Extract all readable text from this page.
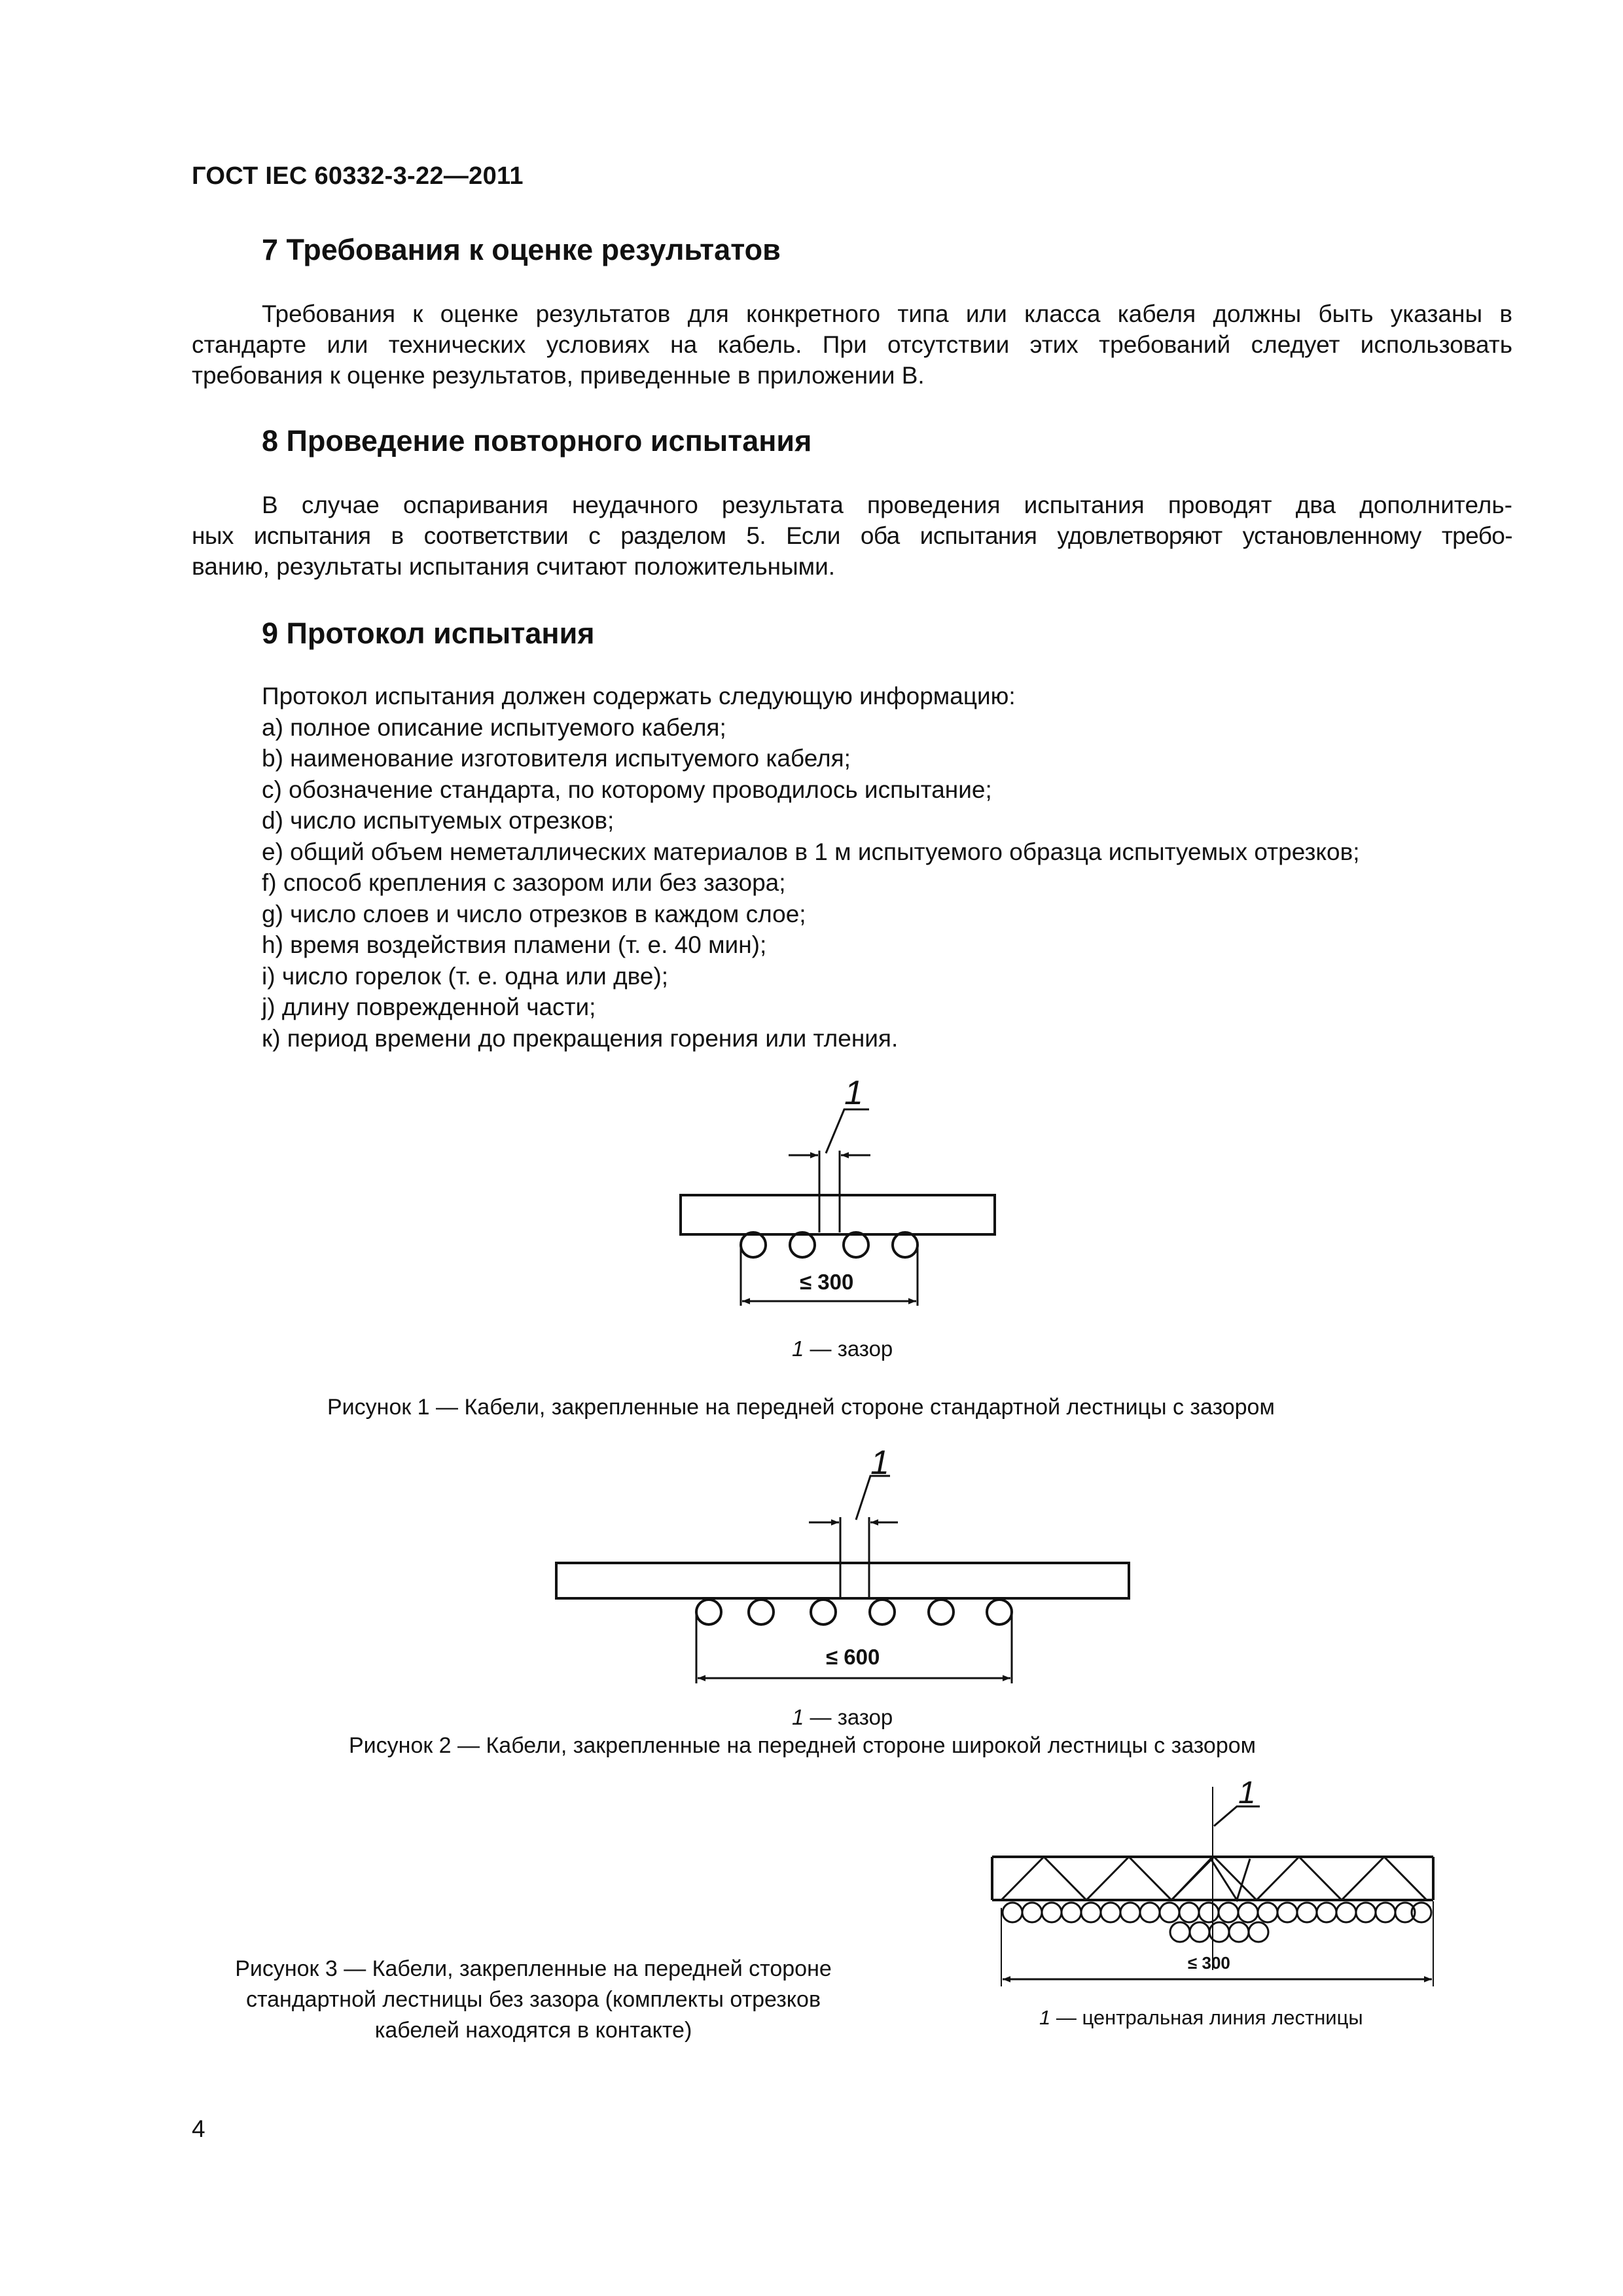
ГОСТ IEC 60332-3-22—2011
7 Требования к оценке результатов
Требования к оценке результатов для конкретного типа или класса кабеля должны быть указаны в
стандарте или технических условиях на кабель. При отсутствии этих требований следует использовать
требования к оценке результатов, приведенные в приложении В.
8 Проведение повторного испытания
В случае оспаривания неудачного результата проведения испытания проводят два дополнитель-
ных испытания в соответствии с разделом 5. Если оба испытания удовлетворяют установленному требо-
ванию, результаты испытания считают положительными.
9 Протокол испытания
Протокол испытания должен содержать следующую информацию:
a) полное описание испытуемого кабеля;
b) наименование изготовителя испытуемого кабеля;
c) обозначение стандарта, по которому проводилось испытание;
d) число испытуемых отрезков;
e) общий объем неметаллических материалов в 1 м испытуемого образца испытуемых отрезков;
f) способ крепления с зазором или без зазора;
g) число слоев и число отрезков в каждом слое;
h) время воздействия пламени (т. е. 40 мин);
i) число горелок (т. е. одна или две);
j) длину поврежденной части;
к) период времени до прекращения горения или тления.
1
≤ 300
1 — зазор
Рисунок 1 — Кабели, закрепленные на передней стороне стандартной лестницы с зазором
1
≤ 600
1 — зазор
Рисунок 2 — Кабели, закрепленные на передней стороне широкой лестницы с зазором
1
≤ 300
1 — центральная линия лестницы
Рисунок 3 — Кабели, закрепленные на передней стороне
стандартной лестницы без зазора (комплекты отрезков
кабелей находятся в контакте)
4
